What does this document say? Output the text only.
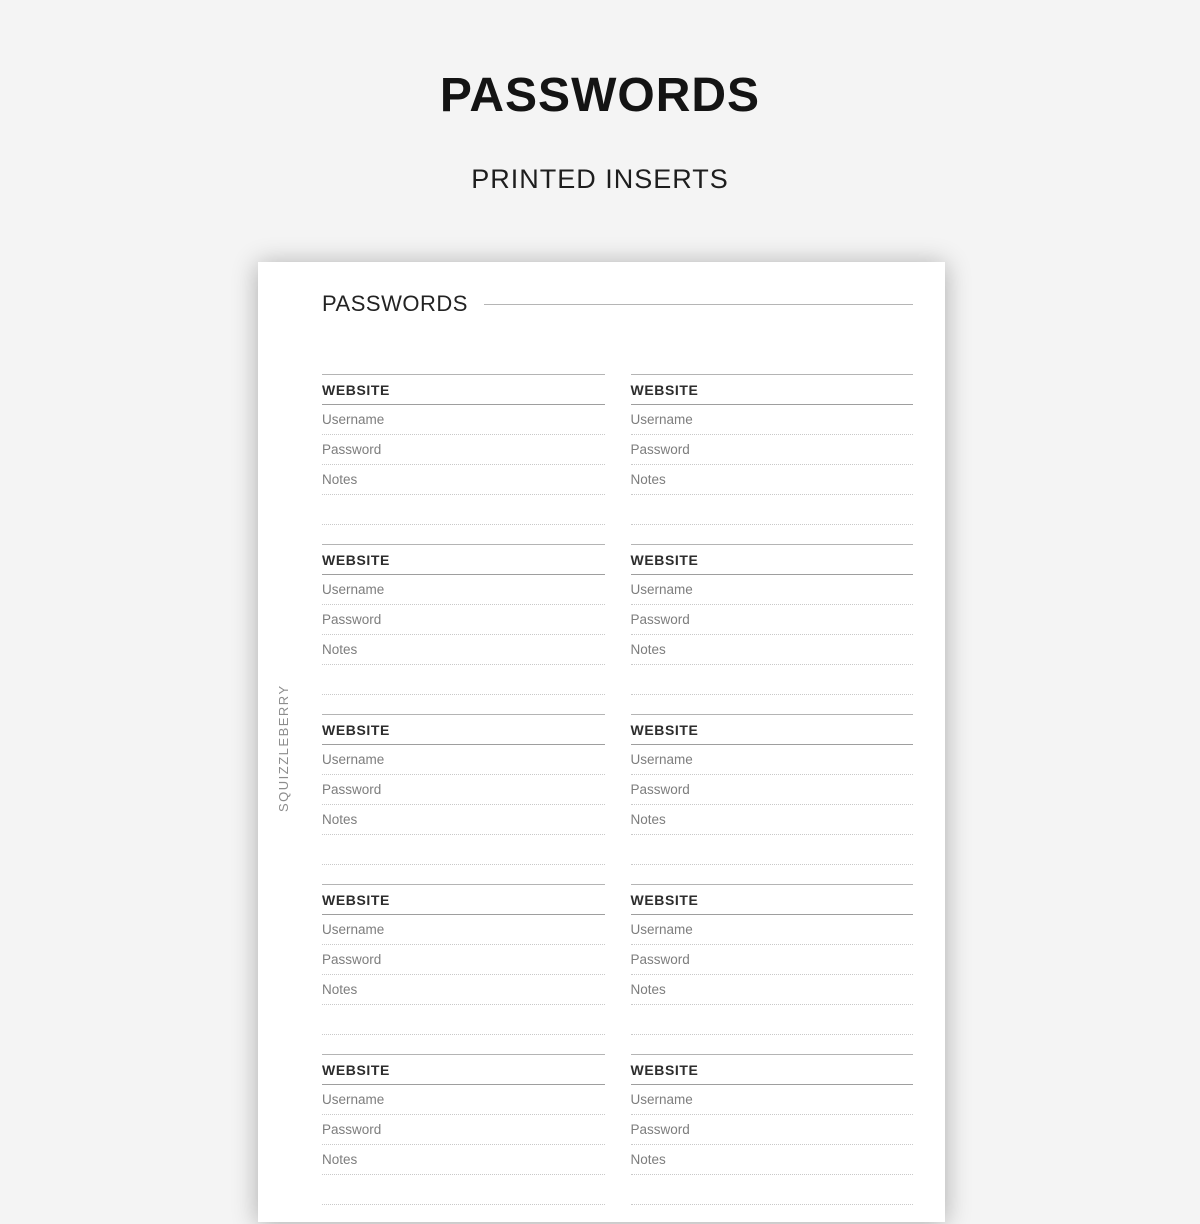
PASSWORDS
PRINTED INSERTS
PASSWORDS
SQUIZZLEBERRY
WEBSITE
Username
Password
Notes
WEBSITE
Username
Password
Notes
WEBSITE
Username
Password
Notes
WEBSITE
Username
Password
Notes
WEBSITE
Username
Password
Notes
WEBSITE
Username
Password
Notes
WEBSITE
Username
Password
Notes
WEBSITE
Username
Password
Notes
WEBSITE
Username
Password
Notes
WEBSITE
Username
Password
Notes
